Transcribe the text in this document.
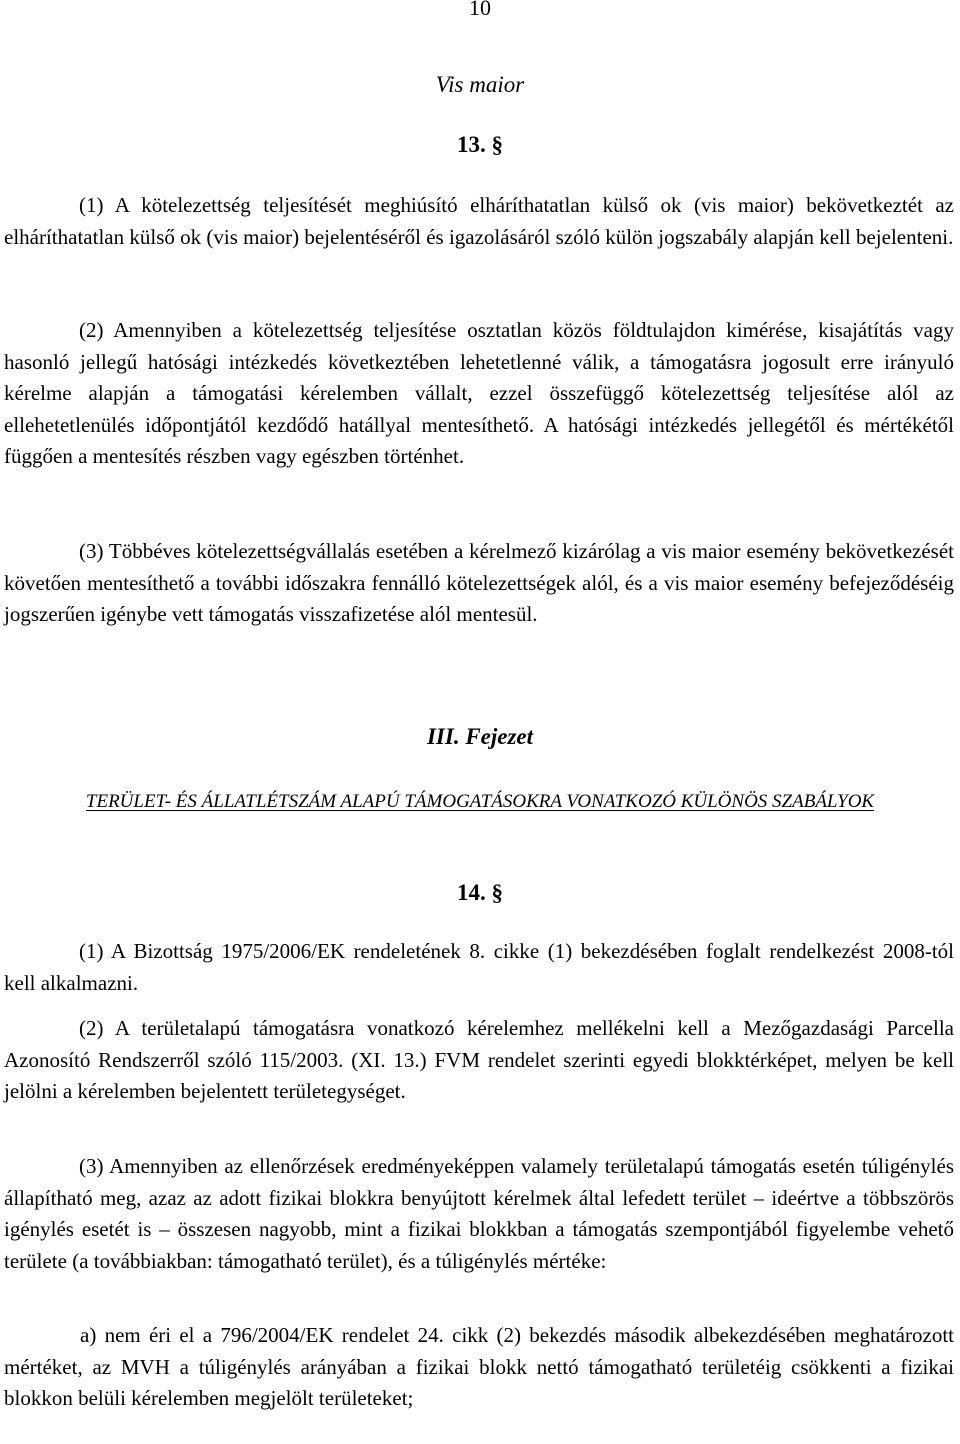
10
Vis maior
13. §

(1) A kötelezettség teljesítését meghiúsító elháríthatatlan külső ok (vis maior) bekövetkeztét az elháríthatatlan külső ok (vis maior) bejelentéséről és igazolásáról szóló külön jogszabály alapján kell bejelenteni.

(2) Amennyiben a kötelezettség teljesítése osztatlan közös földtulajdon kimérése, kisajátítás vagy hasonló jellegű hatósági intézkedés következtében lehetetlenné válik, a támogatásra jogosult erre irányuló kérelme alapján a támogatási kérelemben vállalt, ezzel összefüggő kötelezettség teljesítése alól az ellehetetlenülés időpontjától kezdődő hatállyal mentesíthető. A hatósági intézkedés jellegétől és mértékétől függően a mentesítés részben vagy egészben történhet.

(3) Többéves kötelezettségvállalás esetében a kérelmező kizárólag a vis maior esemény bekövetkezését követően mentesíthető a további időszakra fennálló kötelezettségek alól, és a vis maior esemény befejeződéséig jogszerűen igénybe vett támogatás visszafizetése alól mentesül.

III. Fejezet
TERÜLET- ÉS ÁLLATLÉTSZÁM ALAPÚ TÁMOGATÁSOKRA VONATKOZÓ KÜLÖNÖS SZABÁLYOK
14. §

(1) A Bizottság 1975/2006/EK rendeletének 8. cikke (1) bekezdésében foglalt rendelkezést 2008-tól kell alkalmazni.

(2) A területalapú támogatásra vonatkozó kérelemhez mellékelni kell a Mezőgazdasági Parcella Azonosító Rendszerről szóló 115/2003. (XI. 13.) FVM rendelet szerinti egyedi blokktérképet, melyen be kell jelölni a kérelemben bejelentett területegységet.

(3) Amennyiben az ellenőrzések eredményeképpen valamely területalapú támogatás esetén túligénylés állapítható meg, azaz az adott fizikai blokkra benyújtott kérelmek által lefedett terület – ideértve a többszörös igénylés esetét is – összesen nagyobb, mint a fizikai blokkban a támogatás szempontjából figyelembe vehető területe (a továbbiakban: támogatható terület), és a túligénylés mértéke:

a) nem éri el a 796/2004/EK rendelet 24. cikk (2) bekezdés második albekezdésében meghatározott mértéket, az MVH a túligénylés arányában a fizikai blokk nettó támogatható területéig csökkenti a fizikai blokkon belüli kérelemben megjelölt területeket;
